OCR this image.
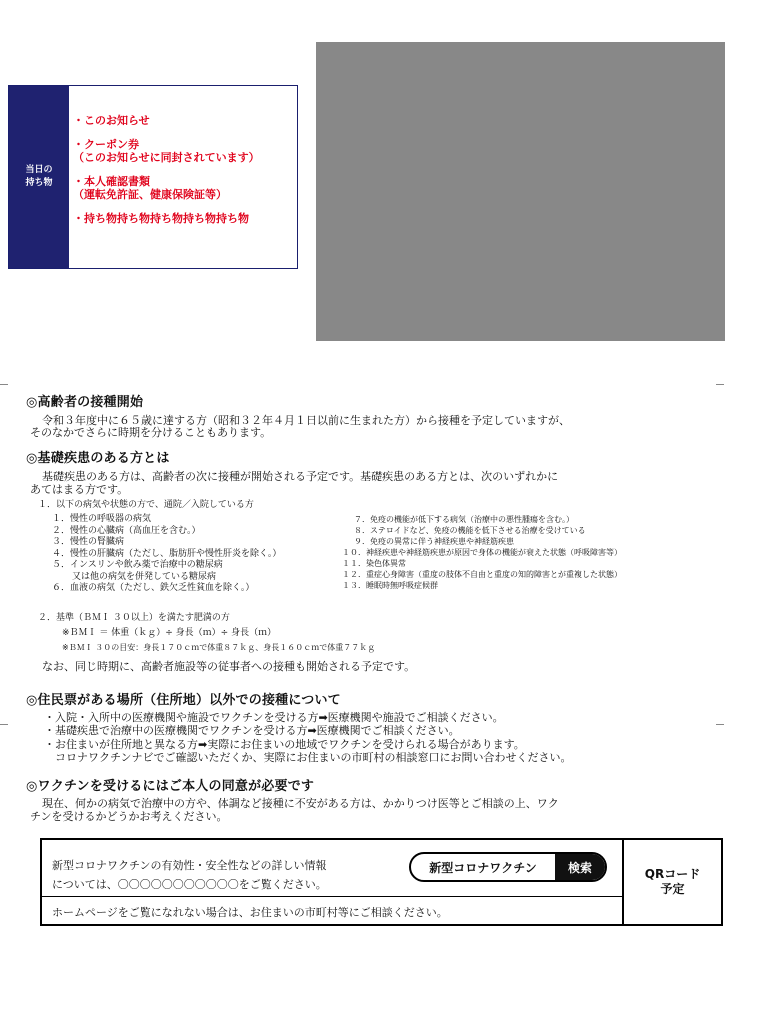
当日の
持ち物
・このお知らせ
・クーポン券
（このお知らせに同封されています）
・本人確認書類
（運転免許証、健康保険証等）
・持ち物持ち物持ち物持ち物持ち物
◎高齢者の接種開始
令和３年度中に６５歳に達する方（昭和３２年４月１日以前に生まれた方）から接種を予定していますが、
そのなかでさらに時期を分けることもあります。
◎基礎疾患のある方とは
基礎疾患のある方は、高齢者の次に接種が開始される予定です。基礎疾患のある方とは、次のいずれかに
あてはまる方です。
１．以下の病気や状態の方で、通院／入院している方
１．慢性の呼吸器の病気
２．慢性の心臓病（高血圧を含む。）
３．慢性の腎臓病
４．慢性の肝臓病（ただし、脂肪肝や慢性肝炎を除く。）
５．インスリンや飲み薬で治療中の糖尿病
又は他の病気を併発している糖尿病
６．血液の病気（ただし、鉄欠乏性貧血を除く。）
７．免疫の機能が低下する病気（治療中の悪性腫瘍を含む。）
８．ステロイドなど、免疫の機能を低下させる治療を受けている
９．免疫の異常に伴う神経疾患や神経筋疾患
１０．神経疾患や神経筋疾患が原因で身体の機能が衰えた状態（呼吸障害等）
１１．染色体異常
１２．重症心身障害（重度の肢体不自由と重度の知的障害とが重複した状態）
１３．睡眠時無呼吸症候群
２．基準（ＢＭＩ ３０以上）を満たす肥満の方
※ＢＭＩ ＝ 体重（ｋｇ）÷ 身長（ｍ）÷ 身長（ｍ）
※ＢＭＩ ３０の目安：身長１７０ｃｍで体重８７ｋｇ、身長１６０ｃｍで体重７７ｋｇ
なお、同じ時期に、高齢者施設等の従事者への接種も開始される予定です。
◎住民票がある場所（住所地）以外での接種について
・入院・入所中の医療機関や施設でワクチンを受ける方➡医療機関や施設でご相談ください。
・基礎疾患で治療中の医療機関でワクチンを受ける方➡医療機関でご相談ください。
・お住まいが住所地と異なる方➡実際にお住まいの地域でワクチンを受けられる場合があります。
　コロナワクチンナビでご確認いただくか、実際にお住まいの市町村の相談窓口にお問い合わせください。
◎ワクチンを受けるにはご本人の同意が必要です
現在、何かの病気で治療中の方や、体調など接種に不安がある方は、かかりつけ医等とご相談の上、ワク
チンを受けるかどうかお考えください。
新型コロナワクチンの有効性・安全性などの詳しい情報
については、〇〇〇〇〇〇〇〇〇〇〇をご覧ください。
新型コロナワクチン	検索
ホームページをご覧になれない場合は、お住まいの市町村等にご相談ください。
QRコード
予定
